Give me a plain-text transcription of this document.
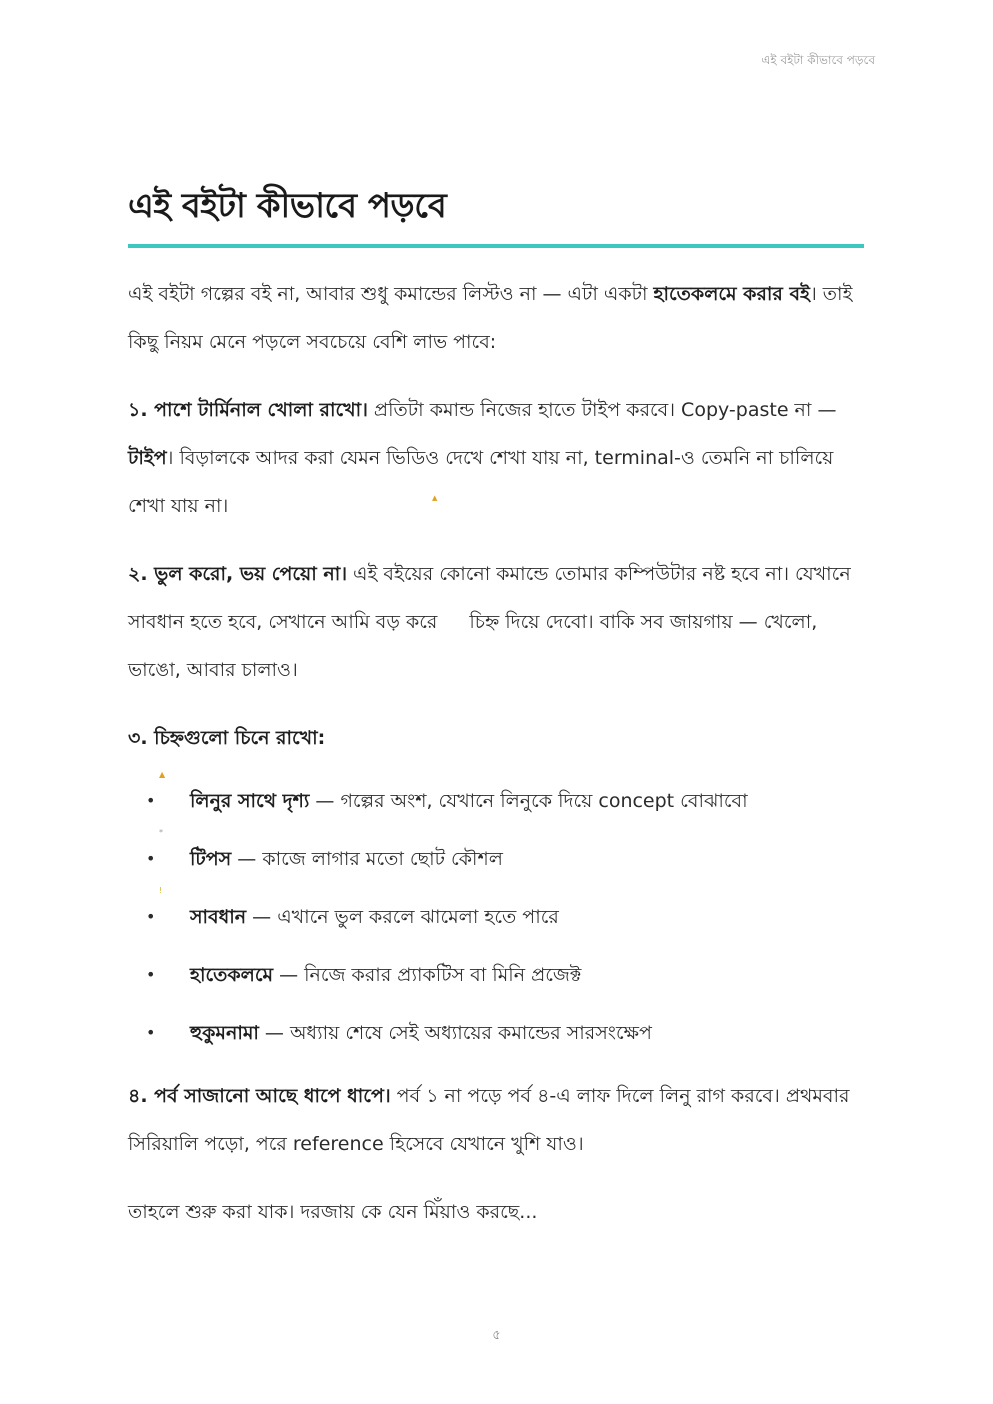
এই বইটা কীভাবে পড়বে
এই বইটা কীভাবে পড়বে
▲

এই বইটা গল্পের বই না, আবার শুধু কমান্ডের লিস্টও না — এটা একটা হাতেকলমে করার বই। তাই কিছু নিয়ম মেনে পড়লে সবচেয়ে বেশি লাভ পাবে:

১. পাশে টার্মিনাল খোলা রাখো। প্রতিটা কমান্ড নিজের হাতে টাইপ করবে। Copy-paste না — টাইপ। বিড়ালকে আদর করা যেমন ভিডিও দেখে শেখা যায় না, terminal-ও তেমনি না চালিয়ে শেখা যায় না।

২. ভুল করো, ভয় পেয়ো না। এই বইয়ের কোনো কমান্ডে তোমার কম্পিউটার নষ্ট হবে না। যেখানে সাবধান হতে হবে, সেখানে আমি বড় করে চিহ্ন দিয়ে দেবো। বাকি সব জায়গায় — খেলো, ভাঙো, আবার চালাও।

৩. চিহ্নগুলো চিনে রাখো:

•
▲
লিনুর সাথে দৃশ্য — গল্পের অংশ, যেখানে লিনুকে দিয়ে concept বোঝাবো
•
*
টিপস — কাজে লাগার মতো ছোট কৌশল
•
!
সাবধান — এখানে ভুল করলে ঝামেলা হতে পারে
• হাতেকলমে — নিজে করার প্র্যাকটিস বা মিনি প্রজেক্ট
• হুকুমনামা — অধ্যায় শেষে সেই অধ্যায়ের কমান্ডের সারসংক্ষেপ

৪. পর্ব সাজানো আছে ধাপে ধাপে। পর্ব ১ না পড়ে পর্ব ৪-এ লাফ দিলে লিনু রাগ করবে। প্রথমবার সিরিয়ালি পড়ো, পরে reference হিসেবে যেখানে খুশি যাও।

তাহলে শুরু করা যাক। দরজায় কে যেন মিঁয়াও করছে...

৫
